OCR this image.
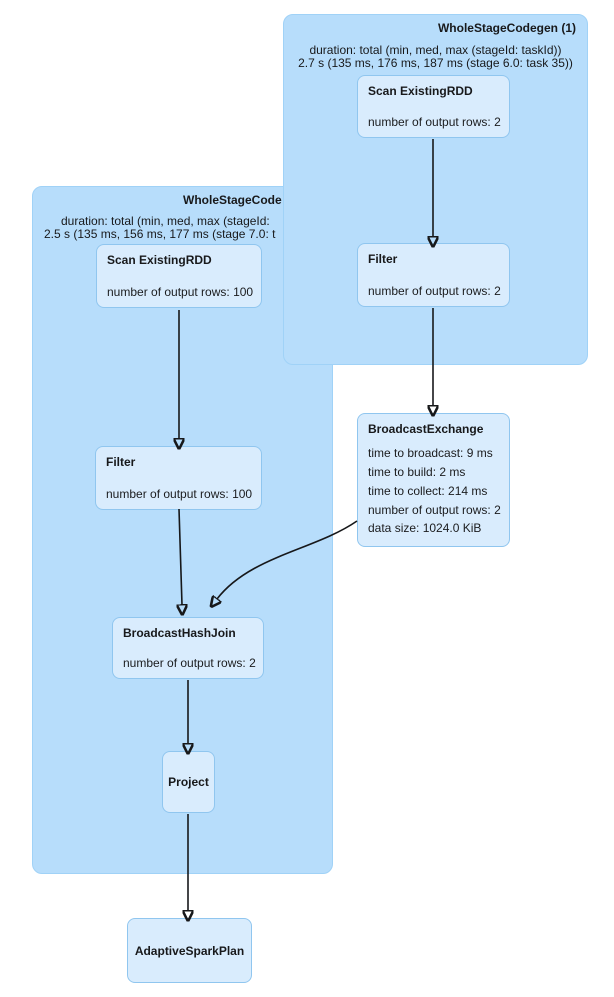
WholeStageCode
duration: total (min, med, max (stageId:
2.5 s (135 ms, 156 ms, 177 ms (stage 7.0: t
WholeStageCodegen (1)
duration: total (min, med, max (stageId: taskId))
2.7 s (135 ms, 176 ms, 187 ms (stage 6.0: task 35))
Scan ExistingRDD
number of output rows: 2
Filter
number of output rows: 2
BroadcastExchange
time to broadcast: 9 ms
time to build: 2 ms
time to collect: 214 ms
number of output rows: 2
data size: 1024.0 KiB
Scan ExistingRDD
number of output rows: 100
Filter
number of output rows: 100
BroadcastHashJoin
number of output rows: 2
Project
AdaptiveSparkPlan
